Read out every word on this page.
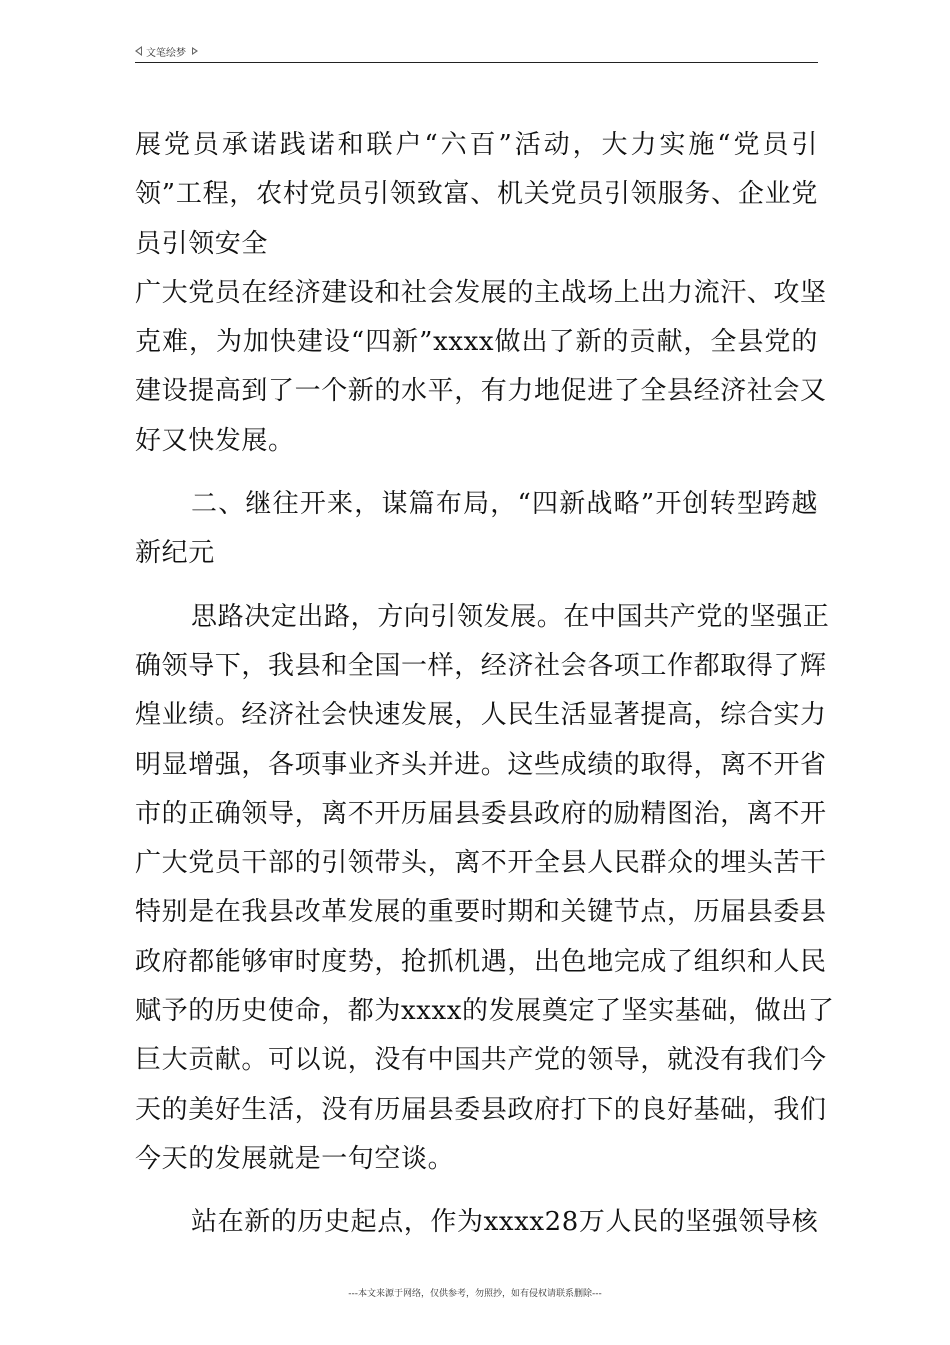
文笔绘梦
展党员承诺践诺和联户“六百”活动，大力实施“党员引
领”工程，农村党员引领致富、机关党员引领服务、企业党
员引领安全
广大党员在经济建设和社会发展的主战场上出力流汗、攻坚
克难，为加快建设“四新”xxxx做出了新的贡献，全县党的
建设提高到了一个新的水平，有力地促进了全县经济社会又
好又快发展。
二、继往开来，谋篇布局，“四新战略”开创转型跨越
新纪元
思路决定出路，方向引领发展。在中国共产党的坚强正
确领导下，我县和全国一样，经济社会各项工作都取得了辉
煌业绩。经济社会快速发展，人民生活显著提高，综合实力
明显增强，各项事业齐头并进。这些成绩的取得，离不开省
市的正确领导，离不开历届县委县政府的励精图治，离不开
广大党员干部的引领带头，离不开全县人民群众的埋头苦干
特别是在我县改革发展的重要时期和关键节点，历届县委县
政府都能够审时度势，抢抓机遇，出色地完成了组织和人民
赋予的历史使命，都为xxxx的发展奠定了坚实基础，做出了
巨大贡献。可以说，没有中国共产党的领导，就没有我们今
天的美好生活，没有历届县委县政府打下的良好基础，我们
今天的发展就是一句空谈。
站在新的历史起点，作为xxxx28万人民的坚强领导核
---本文来源于网络，仅供参考，勿照抄，如有侵权请联系删除---
